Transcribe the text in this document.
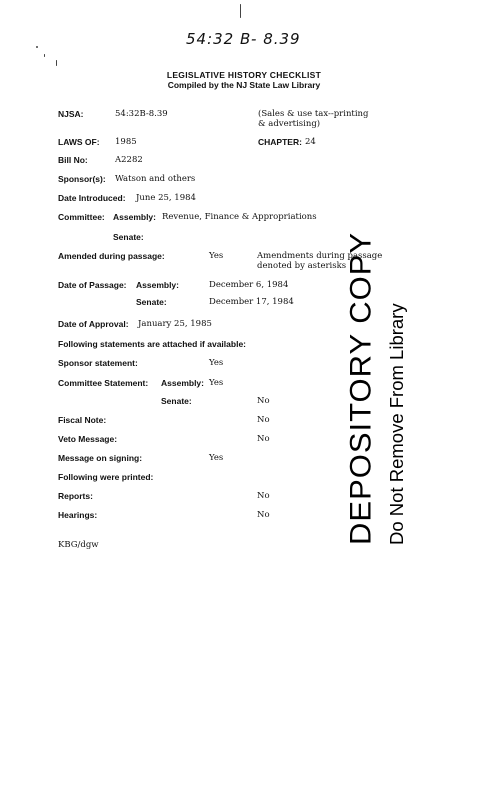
54:32 B- 8.39
LEGISLATIVE HISTORY CHECKLIST
Compiled by the NJ State Law Library
NJSA:	54:32B-8.39	(Sales & use tax--printing
& advertising)
LAWS OF: 1985	CHAPTER: 24
Bill No:	A2282
Sponsor(s): Watson and others
Date Introduced: June 25, 1984
Committee: Assembly: Revenue, Finance & Appropriations
Senate:
Amended during passage:	Yes	Amendments during passage
denoted by asterisks
Date of Passage: Assembly:	December 6, 1984
Senate:	December 17, 1984
Date of Approval: January 25, 1985
Following statements are attached if available:
Sponsor statement:	Yes
Committee Statement: Assembly: Yes
Senate:	No
Fiscal Note:	No
Veto Message:	No
Message on signing:	Yes
Following were printed:
Reports:	No
Hearings:	No
KBG/dgw	DEPOSITORY COPY Do Not Remove From Library
